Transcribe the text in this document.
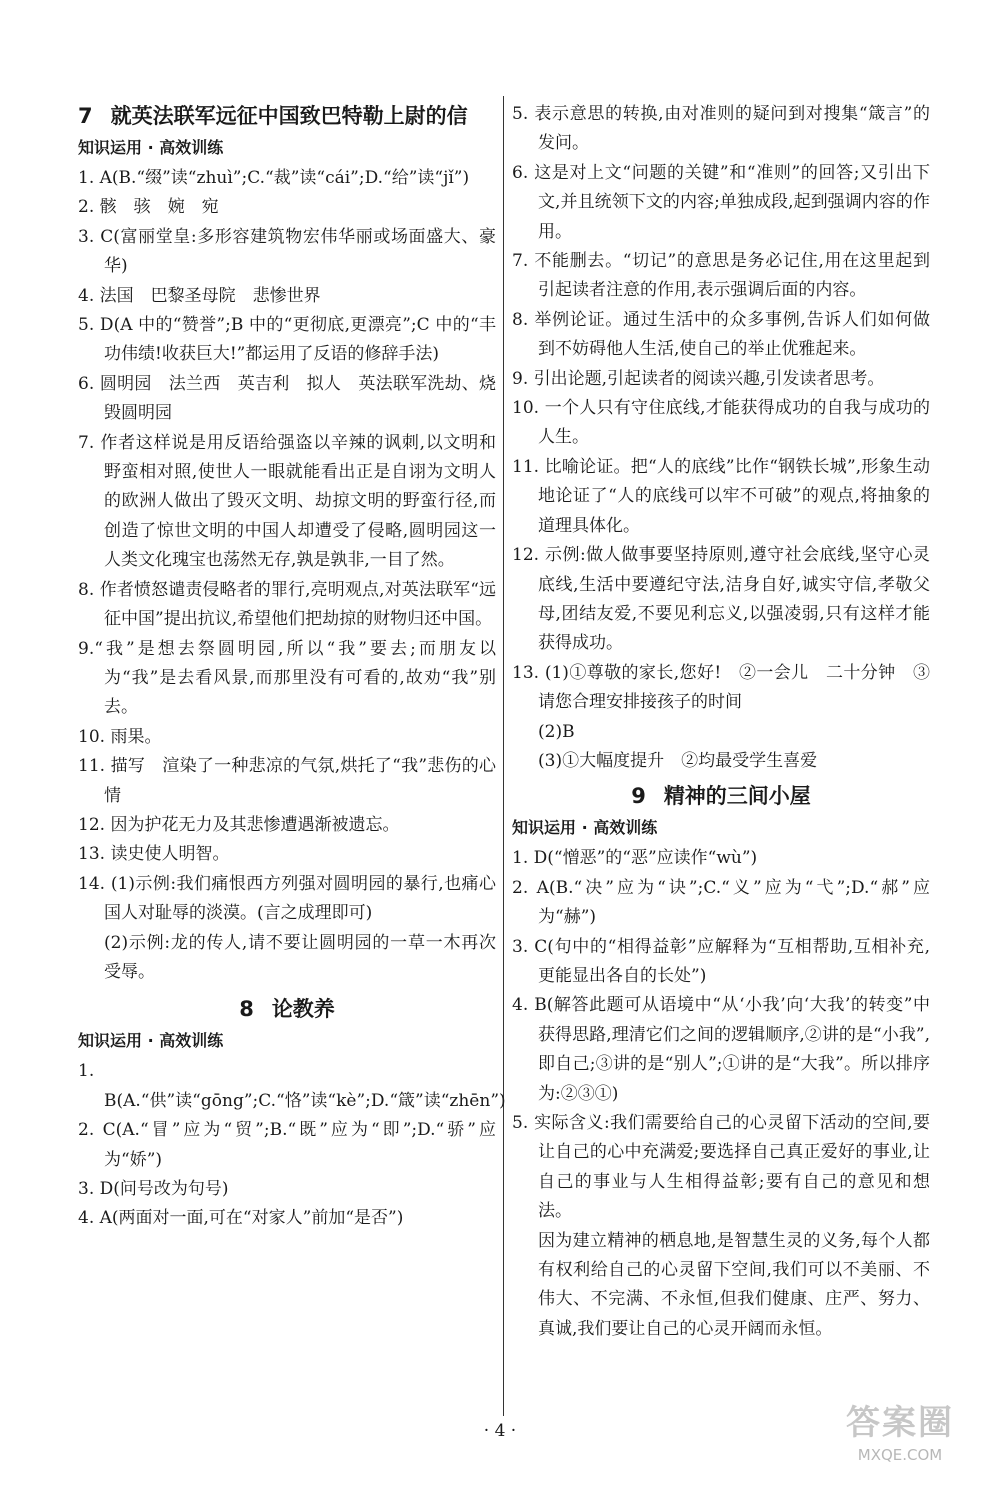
7 就英法联军远征中国致巴特勒上尉的信
知识运用 · 高效训练

1. A(B.“缀”读“zhuì”;C.“裁”读“cái”;D.“给”读“jǐ”)

2. 骸　骇　婉　宛

3. C(富丽堂皇:多形容建筑物宏伟华丽或场面盛大、豪华)

4. 法国　巴黎圣母院　悲惨世界

5. D(A 中的“赞誉”;B 中的“更彻底,更漂亮”;C 中的“丰功伟绩!收获巨大!”都运用了反语的修辞手法)

6. 圆明园　法兰西　英吉利　拟人　英法联军洗劫、烧毁圆明园

7. 作者这样说是用反语给强盗以辛辣的讽刺,以文明和野蛮相对照,使世人一眼就能看出正是自诩为文明人的欧洲人做出了毁灭文明、劫掠文明的野蛮行径,而创造了惊世文明的中国人却遭受了侵略,圆明园这一人类文化瑰宝也荡然无存,孰是孰非,一目了然。

8. 作者愤怒谴责侵略者的罪行,亮明观点,对英法联军“远征中国”提出抗议,希望他们把劫掠的财物归还中国。

9.“我”是想去祭圆明园,所以“我”要去;而朋友以为“我”是去看风景,而那里没有可看的,故劝“我”别去。

10. 雨果。

11. 描写　渲染了一种悲凉的气氛,烘托了“我”悲伤的心情

12. 因为护花无力及其悲惨遭遇渐被遗忘。

13. 读史使人明智。

14. (1)示例:我们痛恨西方列强对圆明园的暴行,也痛心国人对耻辱的淡漠。(言之成理即可)

(2)示例:龙的传人,请不要让圆明园的一草一木再次受辱。

8 论教养
知识运用 · 高效训练

1. B(A.“供”读“gōng”;C.“恪”读“kè”;D.“箴”读“zhēn”)

2. C(A.“冒”应为“贸”;B.“既”应为“即”;D.“骄”应为“娇”)

3. D(问号改为句号)

4. A(两面对一面,可在“对家人”前加“是否”)

5. 表示意思的转换,由对准则的疑问到对搜集“箴言”的发问。

6. 这是对上文“问题的关键”和“准则”的回答;又引出下文,并且统领下文的内容;单独成段,起到强调内容的作用。

7. 不能删去。“切记”的意思是务必记住,用在这里起到引起读者注意的作用,表示强调后面的内容。

8. 举例论证。通过生活中的众多事例,告诉人们如何做到不妨碍他人生活,使自己的举止优雅起来。

9. 引出论题,引起读者的阅读兴趣,引发读者思考。

10. 一个人只有守住底线,才能获得成功的自我与成功的人生。

11. 比喻论证。把“人的底线”比作“钢铁长城”,形象生动地论证了“人的底线可以牢不可破”的观点,将抽象的道理具体化。

12. 示例:做人做事要坚持原则,遵守社会底线,坚守心灵底线,生活中要遵纪守法,洁身自好,诚实守信,孝敬父母,团结友爱,不要见利忘义,以强凌弱,只有这样才能获得成功。

13. (1)①尊敬的家长,您好!　②一会儿　二十分钟　③请您合理安排接孩子的时间

(2)B

(3)①大幅度提升　②均最受学生喜爱

9 精神的三间小屋
知识运用 · 高效训练

1. D(“憎恶”的“恶”应读作“wù”)

2. A(B.“决”应为“诀”;C.“义”应为“弋”;D.“郝”应为“赫”)

3. C(句中的“相得益彰”应解释为“互相帮助,互相补充,更能显出各自的长处”)

4. B(解答此题可从语境中“从‘小我’向‘大我’的转变”中获得思路,理清它们之间的逻辑顺序,②讲的是“小我”,即自己;③讲的是“别人”;①讲的是“大我”。所以排序为:②③①)

5. 实际含义:我们需要给自己的心灵留下活动的空间,要让自己的心中充满爱;要选择自己真正爱好的事业,让自己的事业与人生相得益彰;要有自己的意见和想法。

因为建立精神的栖息地,是智慧生灵的义务,每个人都有权利给自己的心灵留下空间,我们可以不美丽、不伟大、不完满、不永恒,但我们健康、庄严、努力、真诚,我们要让自己的心灵开阔而永恒。

· 4 ·	答案圈
MXQE.COM
